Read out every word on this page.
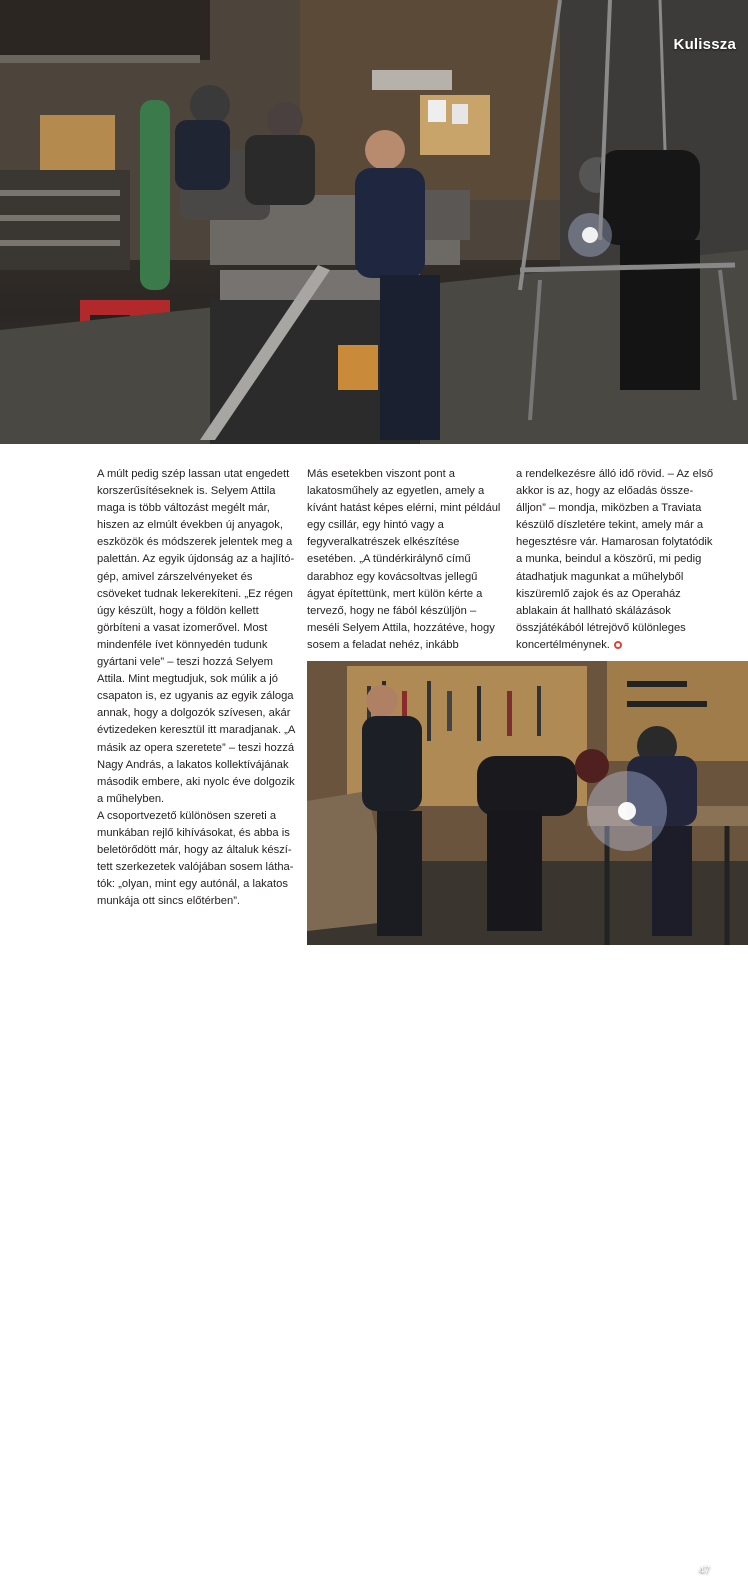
Kulissza

A múlt pedig szép lassan utat engedett korszerűsítéseknek is. Selyem Attila maga is több változást megélt már, hiszen az elmúlt években új anyagok, eszközök és módszerek jelentek meg a palettán. Az egyik újdonság az a hajlítógép, amivel zárszelvényeket és csöveket tudnak lekerekíteni. „Ez régen úgy készült, hogy a földön kellett görbíteni a vasat izomerővel. Most mindenféle ívet könnyedén tudunk gyártani vele” – teszi hozzá Selyem Attila. Mint megtudjuk, sok múlik a jó csapaton is, ez ugyanis az egyik záloga annak, hogy a dolgozók szívesen, akár évtizedeken keresztül itt maradjanak. „A másik az opera szeretete” – teszi hozzá Nagy András, a lakatos kollektívájának második embere, aki nyolc éve dolgozik a műhelyben.

A csoportvezető különösen szereti a munkában rejlő kihívásokat, és abba is beletörődött már, hogy az általuk készített szerkezetek valójában sosem láthatók: „olyan, mint egy autónál, a lakatos munkája ott sincs előtérben”.

Más esetekben viszont pont a lakatosműhely az egyetlen, amely a kívánt hatást képes elérni, mint például egy csillár, egy hintó vagy a fegyveralkatrészek elkészítése esetében. „A tündérkirálynő című darabhoz egy kovácsoltvas jellegű ágyat építettünk, mert külön kérte a tervező, hogy ne fából készüljön – meséli Selyem Attila, hozzátéve, hogy sosem a feladat nehéz, inkább

a rendelkezésre álló idő rövid. – Az első akkor is az, hogy az előadás összeálljon” – mondja, miközben a Traviata készülő díszletére tekint, amely már a hegesztésre vár. Hamarosan folytatódik a munka, beindul a köszörű, mi pedig átadhatjuk magunkat a műhelyből kiszüremlő zajok és az Operaház ablakain át hallható skálázások összjátékából létrejövő különleges koncertélménynek.

47
